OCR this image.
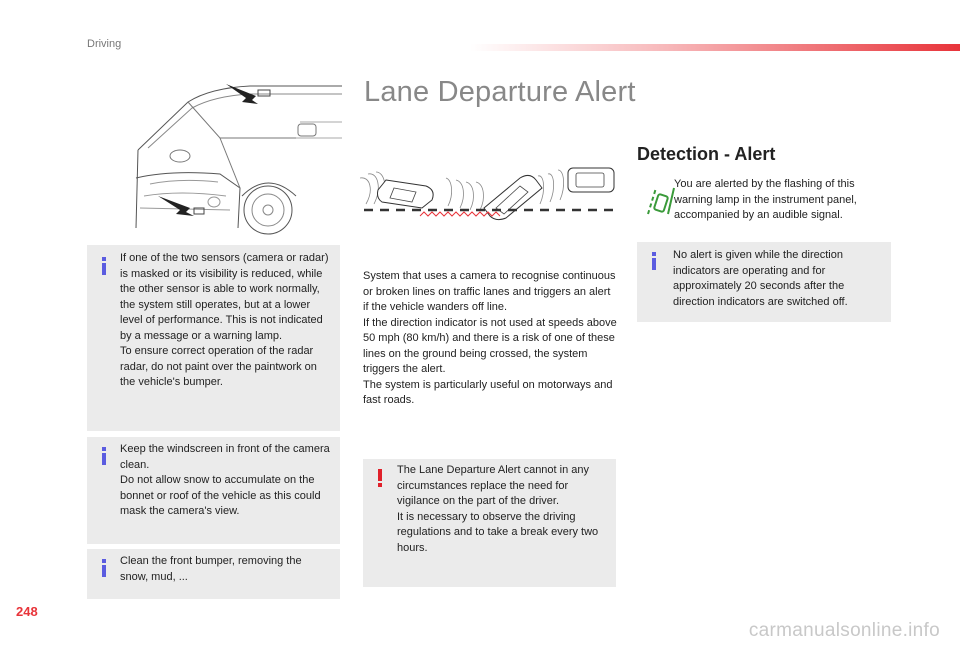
Driving
Lane Departure Alert
Detection - Alert
You are alerted by the flashing of this warning lamp in the instrument panel, accompanied by an audible signal.
No alert is given while the direction indicators are operating and for approximately 20 seconds after the direction indicators are switched off.
System that uses a camera to recognise continuous or broken lines on traffic lanes and triggers an alert if the vehicle wanders off line.
If the direction indicator is not used at speeds above 50 mph (80 km/h) and there is a risk of one of these lines on the ground being crossed, the system triggers the alert.
The system is particularly useful on motorways and fast roads.
The Lane Departure Alert cannot in any circumstances replace the need for vigilance on the part of the driver.
It is necessary to observe the driving regulations and to take a break every two hours.
If one of the two sensors (camera or radar) is masked or its visibility is reduced, while the other sensor is able to work normally, the system still operates, but at a lower level of performance. This is not indicated by a message or a warning lamp.
To ensure correct operation of the radar radar, do not paint over the paintwork on the vehicle's bumper.
Keep the windscreen in front of the camera clean.
Do not allow snow to accumulate on the bonnet or roof of the vehicle as this could mask the camera's view.
Clean the front bumper, removing the snow, mud, ...
248
carmanualsonline.info
